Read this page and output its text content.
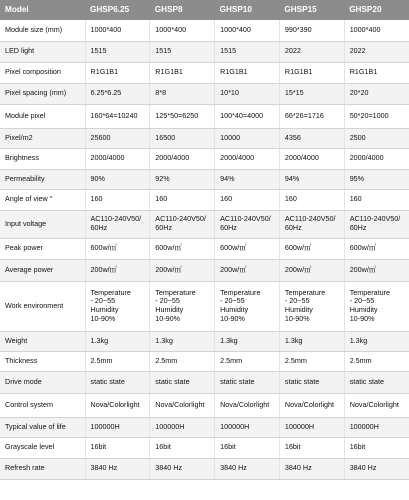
Model	GHSP6.25	GHSP8	GHSP10	GHSP15	GHSP20
Module size (mm)	1000*400	1000*400	1000*400	990*390	1000*400
LED light	1515	1515	1515	2022	2022
Pixel composition	R1G1B1	R1G1B1	R1G1B1	R1G1B1	R1G1B1
Pixel spacing (mm)	6.25*6.25	8*8	10*10	15*15	20*20
Module pixel	160*64=10240	125*50=6250	100*40=4000	66*26=1716	50*20=1000
Pixel/m2	25600	16500	10000	4356	2500
Brightness	2000/4000	2000/4000	2000/4000	2000/4000	2000/4000
Permeability	90%	92%	94%	94%	95%
Angle of view °	160	160	160	160	160
Input voltage	AC110-240V50/
60Hz	AC110-240V50/
60Hz	AC110-240V50/
60Hz	AC110-240V50/
60Hz	AC110-240V50/
60Hz
Peak power	600w/㎡	600w/㎡	600w/㎡	600w/㎡	600w/㎡
Average power	200w/㎡	200w/㎡	200w/㎡	200w/㎡	200w/㎡
Work environment	Temperature
- 20~55
Humidity
10-90%	Temperature
- 20~55
Humidity
10-90%	Temperature
- 20~55
Humidity
10-90%	Temperature
- 20~55
Humidity
10-90%	Temperature
- 20~55
Humidity
10-90%
Weight	1.3kg	1.3kg	1.3kg	1.3kg	1.3kg
Thickness	2.5mm	2.5mm	2.5mm	2.5mm	2.5mm
Drive mode	static state	static state	static state	static state	static state
Control system	Nova/Colorlight	Nova/Colorlight	Nova/Colorlight	Nova/Colorlight	Nova/Colorlight
Typical value of life	100000H	100000H	100000H	100000H	100000H
Grayscale level	16bit	16bit	16bit	16bit	16bit
Refresh rate	3840 Hz	3840 Hz	3840 Hz	3840 Hz	3840 Hz
